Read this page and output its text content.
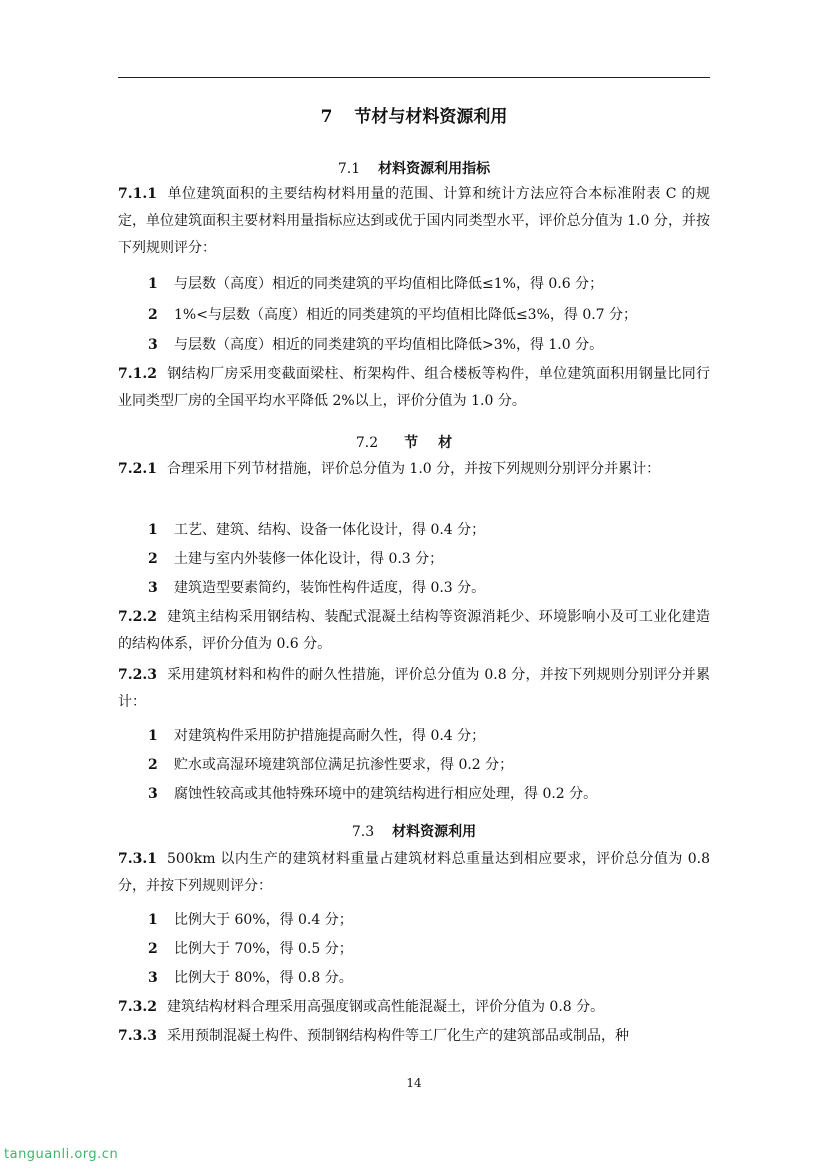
7 节材与材料资源利用
7.1 材料资源利用指标
7.1.1 单位建筑面积的主要结构材料用量的范围、计算和统计方法应符合本标准附表 C 的规定，单位建筑面积主要材料用量指标应达到或优于国内同类型水平，评价总分值为 1.0 分，并按下列规则评分：
1 与层数（高度）相近的同类建筑的平均值相比降低≤1%，得 0.6 分；
2 1%<与层数（高度）相近的同类建筑的平均值相比降低≤3%，得 0.7 分；
3 与层数（高度）相近的同类建筑的平均值相比降低>3%，得 1.0 分。
7.1.2 钢结构厂房采用变截面梁柱、桁架构件、组合楼板等构件，单位建筑面积用钢量比同行业同类型厂房的全国平均水平降低 2%以上，评价分值为 1.0 分。
7.2 节材
7.2.1 合理采用下列节材措施，评价总分值为 1.0 分，并按下列规则分别评分并累计：
1 工艺、建筑、结构、设备一体化设计，得 0.4 分；
2 土建与室内外装修一体化设计，得 0.3 分；
3 建筑造型要素简约，装饰性构件适度，得 0.3 分。
7.2.2 建筑主结构采用钢结构、装配式混凝土结构等资源消耗少、环境影响小及可工业化建造的结构体系，评价分值为 0.6 分。
7.2.3 采用建筑材料和构件的耐久性措施，评价总分值为 0.8 分，并按下列规则分别评分并累计：
1 对建筑构件采用防护措施提高耐久性，得 0.4 分；
2 贮水或高湿环境建筑部位满足抗渗性要求，得 0.2 分；
3 腐蚀性较高或其他特殊环境中的建筑结构进行相应处理，得 0.2 分。
7.3 材料资源利用
7.3.1 500km 以内生产的建筑材料重量占建筑材料总重量达到相应要求，评价总分值为 0.8 分，并按下列规则评分：
1 比例大于 60%，得 0.4 分；
2 比例大于 70%，得 0.5 分；
3 比例大于 80%，得 0.8 分。
7.3.2 建筑结构材料合理采用高强度钢或高性能混凝土，评价分值为 0.8 分。
7.3.3 采用预制混凝土构件、预制钢结构构件等工厂化生产的建筑部品或制品，种
14
tanguanli.org.cn
